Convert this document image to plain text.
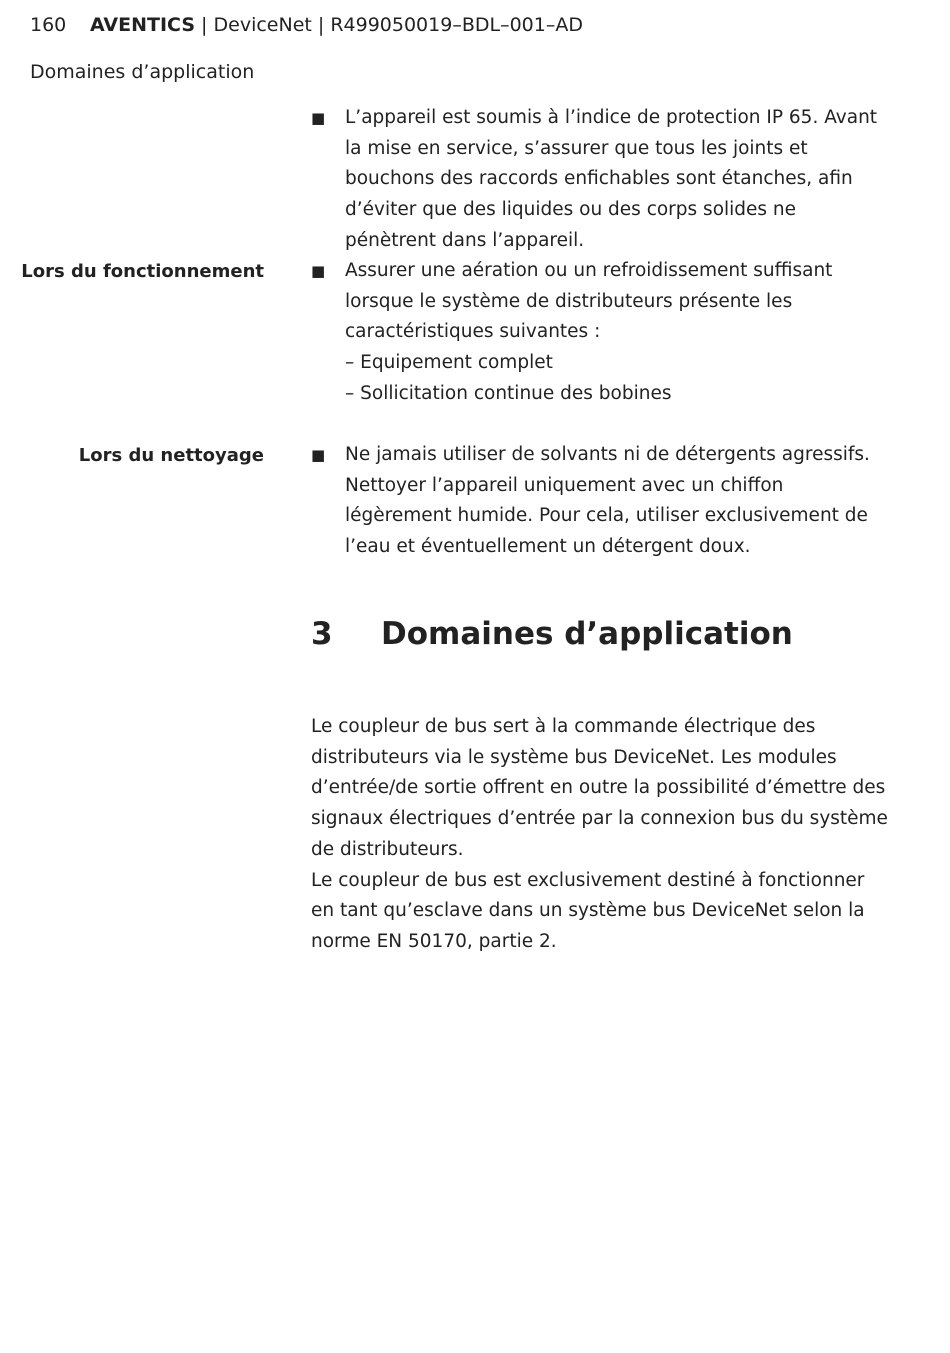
160 AVENTICS | DeviceNet | R499050019–BDL–001–AD
Domaines d’application
■	L’appareil est soumis à l’indice de protection IP 65. Avant la mise en service, s’assurer que tous les joints et bouchons des raccords enfichables sont étanches, afin d’éviter que des liquides ou des corps solides ne pénètrent dans l’appareil.

Lors du fonctionnement	■	Assurer une aération ou un refroidissement suffisant lorsque le système de distributeurs présente les caractéristiques suivantes :

– Equipement complet

– Sollicitation continue des bobines

Lors du nettoyage	■	Ne jamais utiliser de solvants ni de détergents agressifs. Nettoyer l’appareil uniquement avec un chiffon légèrement humide. Pour cela, utiliser exclusivement de l’eau et éventuellement un détergent doux.

3 Domaines d’application

Le coupleur de bus sert à la commande électrique des distributeurs via le système bus DeviceNet. Les modules d’entrée/de sortie offrent en outre la possibilité d’émettre des signaux électriques d’entrée par la connexion bus du système de distributeurs.

Le coupleur de bus est exclusivement destiné à fonctionner en tant qu’esclave dans un système bus DeviceNet selon la norme EN 50170, partie 2.
